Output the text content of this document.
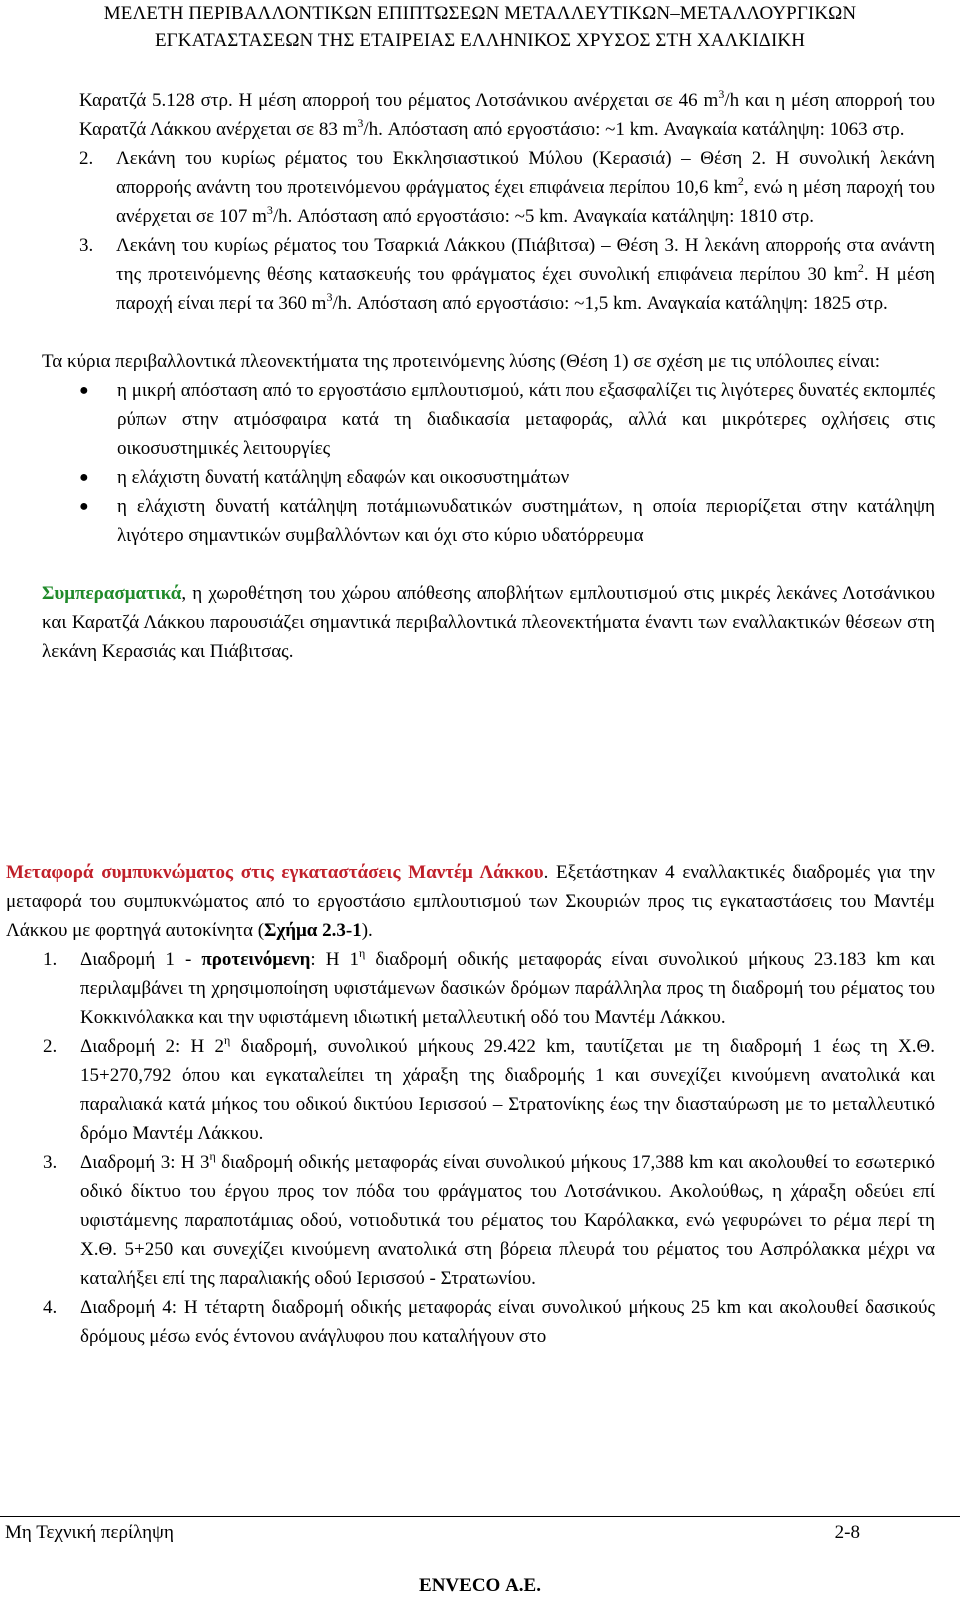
ΜΕΛΕΤΗ ΠΕΡΙΒΑΛΛΟΝΤΙΚΩΝ ΕΠΙΠΤΩΣΕΩΝ ΜΕΤΑΛΛΕΥΤΙΚΩΝ–ΜΕΤΑΛΛΟΥΡΓΙΚΩΝ
ΕΓΚΑΤΑΣΤΑΣΕΩΝ ΤΗΣ ΕΤΑΙΡΕΙΑΣ ΕΛΛΗΝΙΚΟΣ ΧΡΥΣΟΣ ΣΤΗ ΧΑΛΚΙΔΙΚΗ
Καρατζά 5.128 στρ. Η μέση απορροή του ρέματος Λοτσάνικου ανέρχεται σε 46 $m^3/h$ και η μέση απορροή του Καρατζά Λάκκου ανέρχεται σε 83 $m^3/h$. Απόσταση από εργοστάσιο: ~1 km. Αναγκαία κατάληψη: 1063 στρ.
2. Λεκάνη του κυρίως ρέματος του Εκκλησιαστικού Μύλου (Κερασιά) – Θέση 2. Η συνολική λεκάνη απορροής ανάντη του προτεινόμενου φράγματος έχει επιφάνεια περίπου 10,6 $km^2$, ενώ η μέση παροχή του ανέρχεται σε 107 $m^3/h$. Απόσταση από εργοστάσιο: ~5 km. Αναγκαία κατάληψη: 1810 στρ.
3. Λεκάνη του κυρίως ρέματος του Τσαρκιά Λάκκου (Πιάβιτσα) – Θέση 3. Η λεκάνη απορροής στα ανάντη της προτεινόμενης θέσης κατασκευής του φράγματος έχει συνολική επιφάνεια περίπου 30 $km^2$. Η μέση παροχή είναι περί τα 360 $m^3/h$. Απόσταση από εργοστάσιο: ~1,5 km. Αναγκαία κατάληψη: 1825 στρ.
Τα κύρια περιβαλλοντικά πλεονεκτήματα της προτεινόμενης λύσης (Θέση 1) σε σχέση με τις υπόλοιπες είναι:
● η μικρή απόσταση από το εργοστάσιο εμπλουτισμού, κάτι που εξασφαλίζει τις λιγότερες δυνατές εκπομπές ρύπων στην ατμόσφαιρα κατά τη διαδικασία μεταφοράς, αλλά και μικρότερες οχλήσεις στις οικοσυστημικές λειτουργίες
● η ελάχιστη δυνατή κατάληψη εδαφών και οικοσυστημάτων
● η ελάχιστη δυνατή κατάληψη ποτάμιωνυδατικών συστημάτων, η οποία περιορίζεται στην κατάληψη λιγότερο σημαντικών συμβαλλόντων και όχι στο κύριο υδατόρρευμα
Συμπερασματικά, η χωροθέτηση του χώρου απόθεσης αποβλήτων εμπλουτισμού στις μικρές λεκάνες Λοτσάνικου και Καρατζά Λάκκου παρουσιάζει σημαντικά περιβαλλοντικά πλεονεκτήματα έναντι των εναλλακτικών θέσεων στη λεκάνη Κερασιάς και Πιάβιτσας.
Μεταφορά συμπυκνώματος στις εγκαταστάσεις Μαντέμ Λάκκου. Εξετάστηκαν 4 εναλλακτικές διαδρομές για την μεταφορά του συμπυκνώματος από το εργοστάσιο εμπλουτισμού των Σκουριών προς τις εγκαταστάσεις του Μαντέμ Λάκκου με φορτηγά αυτοκίνητα (Σχήμα 2.3-1).
1. Διαδρομή 1 - προτεινόμενη: Η $1^\eta$ διαδρομή οδικής μεταφοράς είναι συνολικού μήκους 23.183 km και περιλαμβάνει τη χρησιμοποίηση υφιστάμενων δασικών δρόμων παράλληλα προς τη διαδρομή του ρέματος του Κοκκινόλακκα και την υφιστάμενη ιδιωτική μεταλλευτική οδό του Μαντέμ Λάκκου.
2. Διαδρομή 2: Η $2^\eta$ διαδρομή, συνολικού μήκους 29.422 km, ταυτίζεται με τη διαδρομή 1 έως τη Χ.Θ. 15+270,792 όπου και εγκαταλείπει τη χάραξη της διαδρομής 1 και συνεχίζει κινούμενη ανατολικά και παραλιακά κατά μήκος του οδικού δικτύου Ιερισσού – Στρατονίκης έως την διασταύρωση με το μεταλλευτικό δρόμο Μαντέμ Λάκκου.
3. Διαδρομή 3: Η $3^\eta$ διαδρομή οδικής μεταφοράς είναι συνολικού μήκους 17,388 km και ακολουθεί το εσωτερικό οδικό δίκτυο του έργου προς τον πόδα του φράγματος του Λοτσάνικου. Ακολούθως, η χάραξη οδεύει επί υφιστάμενης παραποτάμιας οδού, νοτιοδυτικά του ρέματος του Καρόλακκα, ενώ γεφυρώνει το ρέμα περί τη Χ.Θ. 5+250 και συνεχίζει κινούμενη ανατολικά στη βόρεια πλευρά του ρέματος του Ασπρόλακκα μέχρι να καταλήξει επί της παραλιακής οδού Ιερισσού - Στρατωνίου.
4. Διαδρομή 4: Η τέταρτη διαδρομή οδικής μεταφοράς είναι συνολικού μήκους 25 km και ακολουθεί δασικούς δρόμους μέσω ενός έντονου ανάγλυφου που καταλήγουν στο
Μη Τεχνική περίληψη	2-8
ENVECO Α.Ε.
